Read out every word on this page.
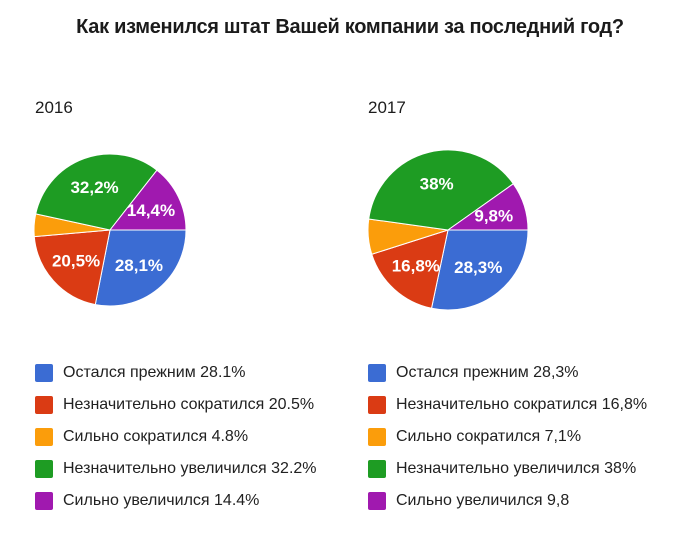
Как изменился штат Вашей компании за последний год?
2016	2017
28,1%
20,5%
32,2%
14,4%
28,3%
16,8%
38%
9,8%
Остался прежним 28.1%
Незначительно сократился 20.5%
Сильно сократился 4.8%
Незначительно увеличился 32.2%
Сильно увеличился 14.4%
Остался прежним 28,3%
Незначительно сократился 16,8%
Сильно сократился 7,1%
Незначительно увеличился 38%
Сильно увеличился 9,8
